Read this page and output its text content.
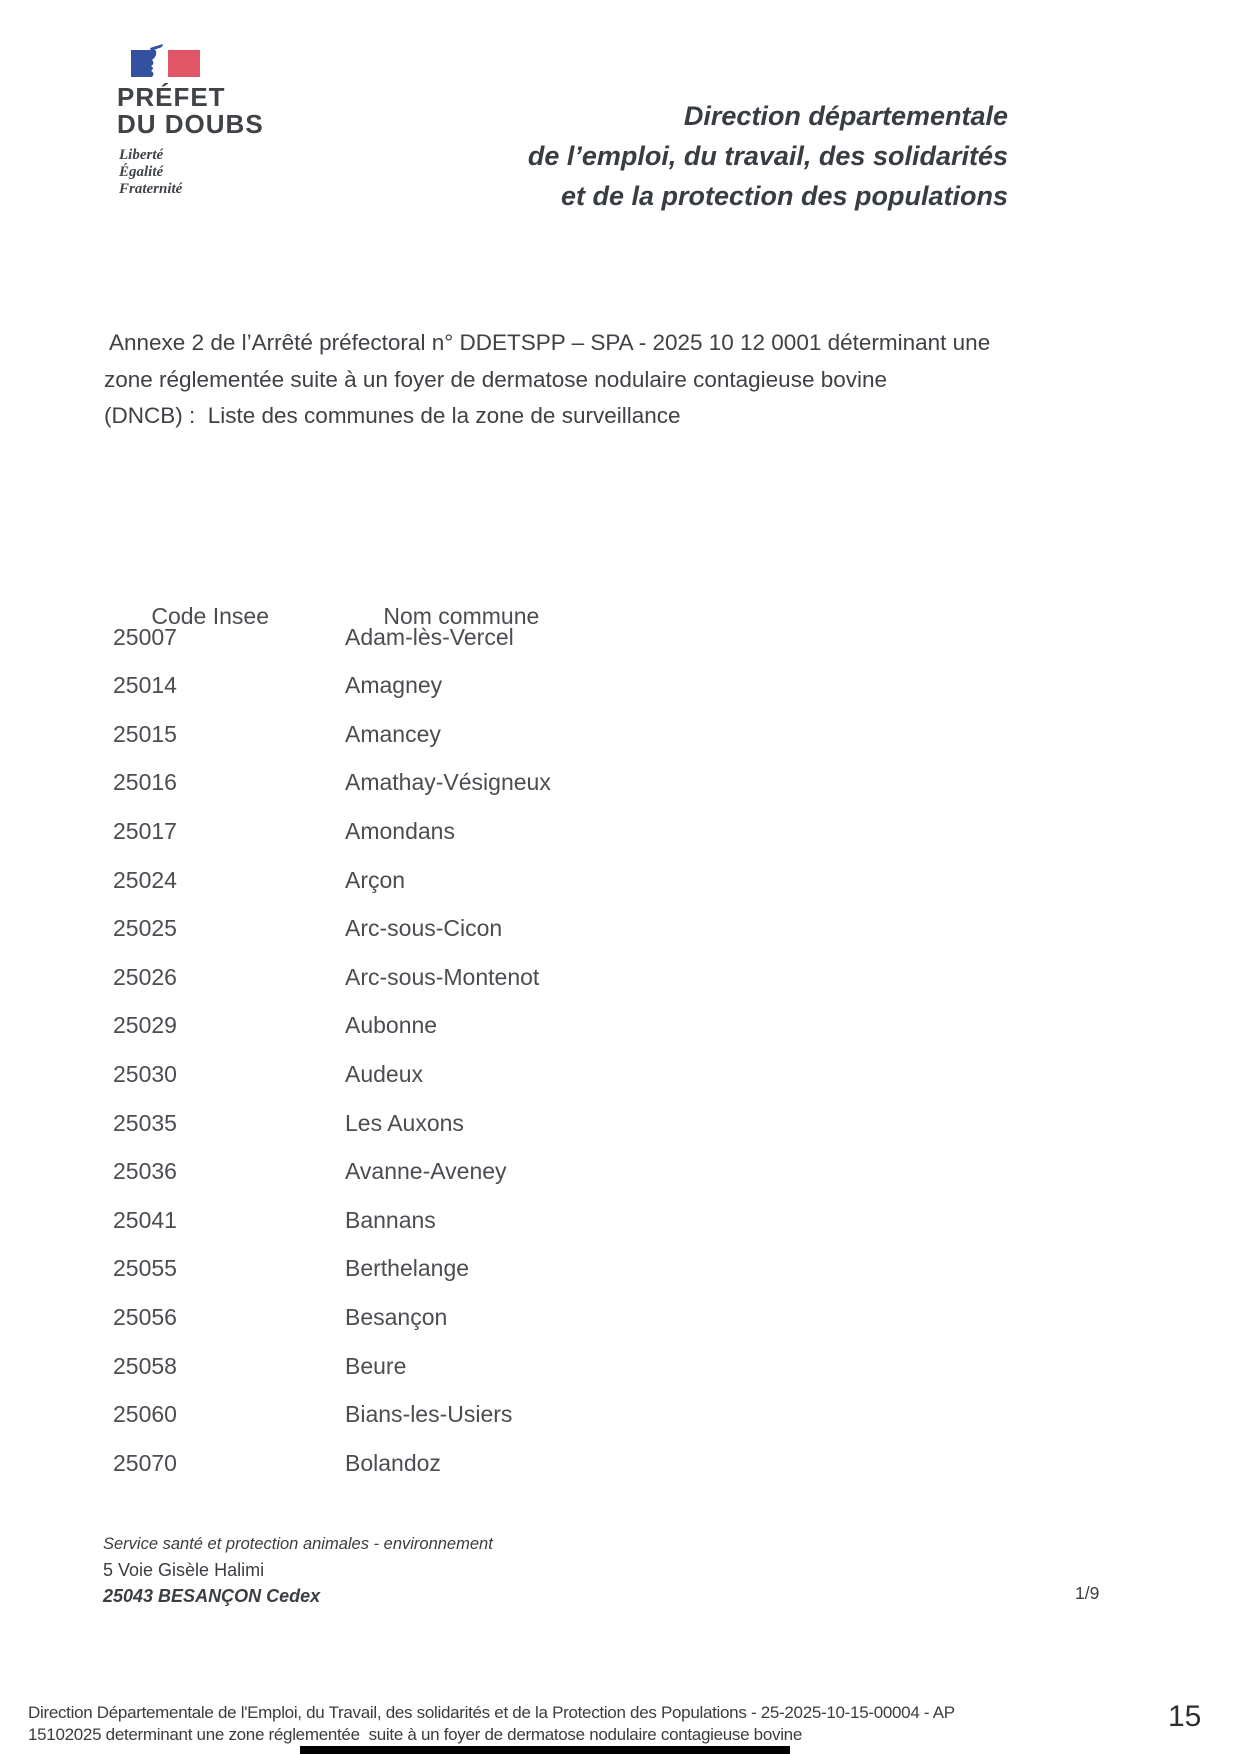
PRÉFET
DU DOUBS
Liberté
Égalité
Fraternité
Direction départementale
de l’emploi, du travail, des solidarités
et de la protection des populations
Annexe 2 de l’Arrêté préfectoral n° DDETSPP – SPA - 2025 10 12 0001 déterminant une
zone réglementée suite à un foyer de dermatose nodulaire contagieuse bovine
(DNCB) :  Liste des communes de la zone de surveillance

Code Insee	Nom commune

25007	Adam-lès-Vercel
25014	Amagney
25015	Amancey
25016	Amathay-Vésigneux
25017	Amondans
25024	Arçon
25025	Arc-sous-Cicon
25026	Arc-sous-Montenot
25029	Aubonne
25030	Audeux
25035	Les Auxons
25036	Avanne-Aveney
25041	Bannans
25055	Berthelange
25056	Besançon
25058	Beure
25060	Bians-les-Usiers
25070	Bolandoz
Service santé et protection animales - environnement
5 Voie Gisèle Halimi
25043 BESANÇON Cedex	1/9
Direction Départementale de l'Emploi, du Travail, des solidarités et de la Protection des Populations - 25-2025-10-15-00004 - AP
15102025 determinant une zone réglementée  suite à un foyer de dermatose nodulaire contagieuse bovine
15
